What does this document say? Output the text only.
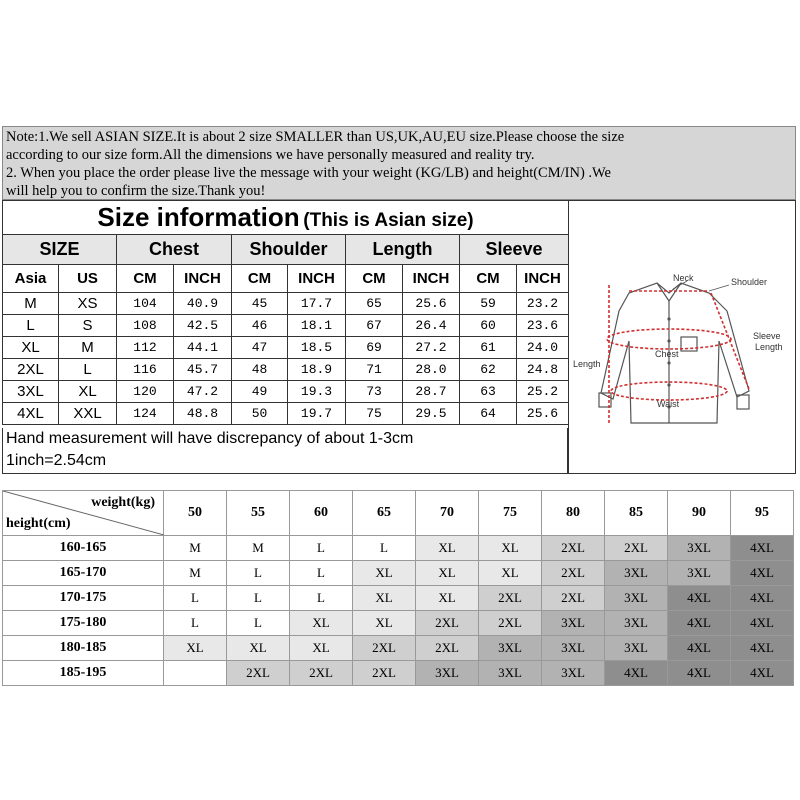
Note:1.We sell ASIAN SIZE.It is about 2 size SMALLER than US,UK,AU,EU size.Please choose the size
according to our size form.All the dimensions we have personally measured and reality try.
2. When you place the order please live the message with your weight (KG/LB) and height(CM/IN) .We
will help you to confirm the size.Thank you!
Size information (This is Asian size)									
SIZE		Chest		Shoulder		Length		Sleeve	
Asia	US	CM	INCH	CM	INCH	CM	INCH	CM	INCH
M	XS	104	40.9	45	17.7	65	25.6	59	23.2
L	S	108	42.5	46	18.1	67	26.4	60	23.6
XL	M	112	44.1	47	18.5	69	27.2	61	24.0
2XL	L	116	45.7	48	18.9	71	28.0	62	24.8
3XL	XL	120	47.2	49	19.3	73	28.7	63	25.2
4XL	XXL	124	48.8	50	19.7	75	29.5	64	25.6
Hand measurement will have discrepancy of about 1-3cm
1inch=2.54cm
Neck	Shoulder
Sleeve Length
Length
Chest
Waist
weight(kg)
height(cm)	50	55	60	65	70	75	80	85	90	95
160-165	M	M	L	L	XL	XL	2XL	2XL	3XL	4XL
165-170	M	L	L	XL	XL	XL	2XL	3XL	3XL	4XL
170-175	L	L	L	XL	XL	2XL	2XL	3XL	4XL	4XL
175-180	L	L	XL	XL	2XL	2XL	3XL	3XL	4XL	4XL
180-185	XL	XL	XL	2XL	2XL	3XL	3XL	3XL	4XL	4XL
185-195		2XL	2XL	2XL	3XL	3XL	3XL	4XL	4XL	4XL
